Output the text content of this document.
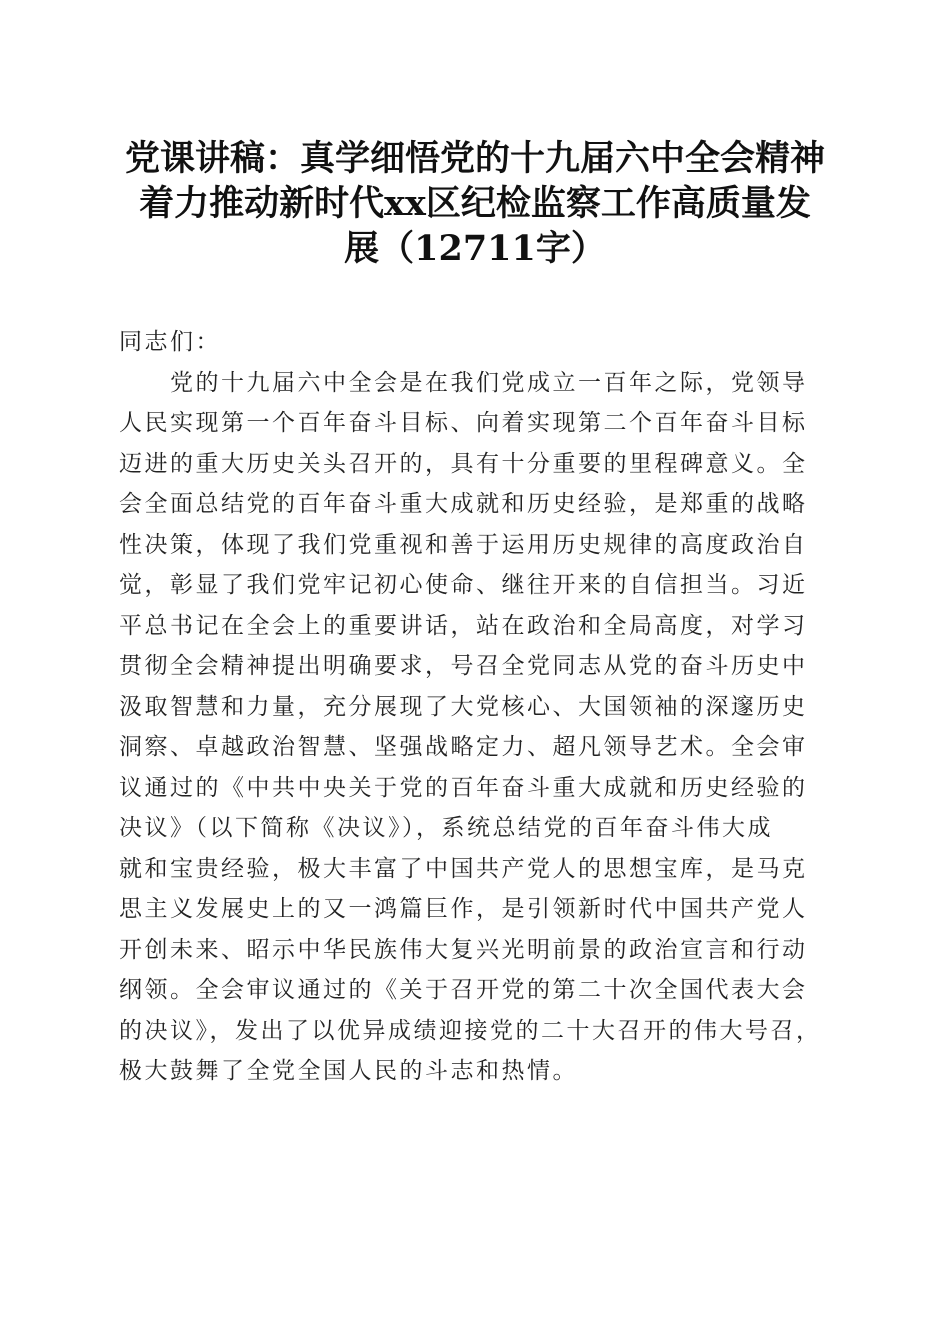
党课讲稿：真学细悟党的十九届六中全会精神
着力推动新时代xx区纪检监察工作高质量发
展（12711字）
同志们：
党的十九届六中全会是在我们党成立一百年之际，党领导
人民实现第一个百年奋斗目标、向着实现第二个百年奋斗目标
迈进的重大历史关头召开的，具有十分重要的里程碑意义。全
会全面总结党的百年奋斗重大成就和历史经验，是郑重的战略
性决策，体现了我们党重视和善于运用历史规律的高度政治自
觉，彰显了我们党牢记初心使命、继往开来的自信担当。习近
平总书记在全会上的重要讲话，站在政治和全局高度，对学习
贯彻全会精神提出明确要求，号召全党同志从党的奋斗历史中
汲取智慧和力量，充分展现了大党核心、大国领袖的深邃历史
洞察、卓越政治智慧、坚强战略定力、超凡领导艺术。全会审
议通过的《中共中央关于党的百年奋斗重大成就和历史经验的
决议》（以下简称《决议》），系统总结党的百年奋斗伟大成
就和宝贵经验，极大丰富了中国共产党人的思想宝库，是马克
思主义发展史上的又一鸿篇巨作，是引领新时代中国共产党人
开创未来、昭示中华民族伟大复兴光明前景的政治宣言和行动
纲领。全会审议通过的《关于召开党的第二十次全国代表大会
的决议》，发出了以优异成绩迎接党的二十大召开的伟大号召，
极大鼓舞了全党全国人民的斗志和热情。
